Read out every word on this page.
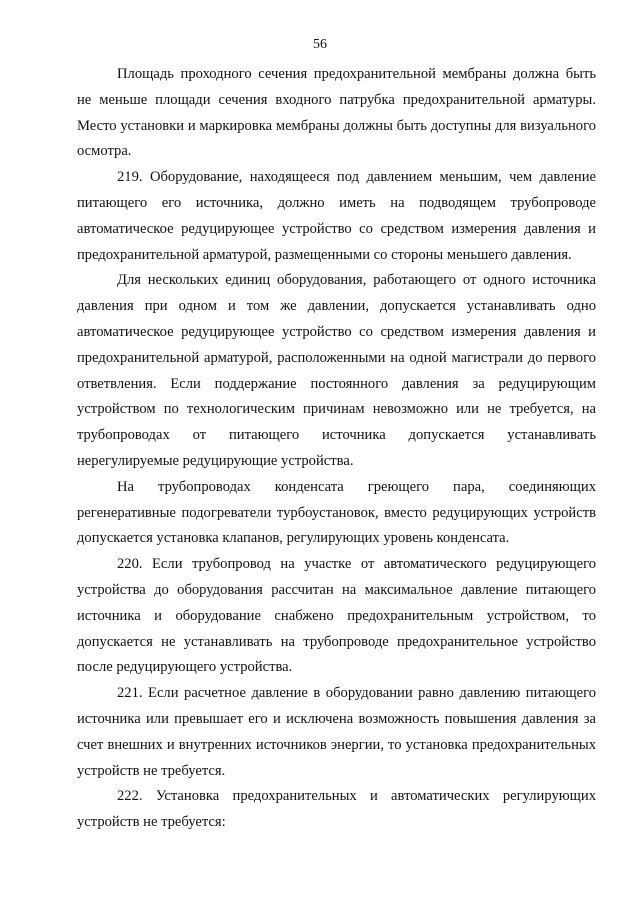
56

Площадь проходного сечения предохранительной мембраны должна быть не меньше площади сечения входного патрубка предохранительной арматуры. Место установки и маркировка мембраны должны быть доступны для визуального осмотра.

219. Оборудование, находящееся под давлением меньшим, чем давление питающего его источника, должно иметь на подводящем трубопроводе автоматическое редуцирующее устройство со средством измерения давления и предохранительной арматурой, размещенными со стороны меньшего давления.

Для нескольких единиц оборудования, работающего от одного источника давления при одном и том же давлении, допускается устанавливать одно автоматическое редуцирующее устройство со средством измерения давления и предохранительной арматурой, расположенными на одной магистрали до первого ответвления. Если поддержание постоянного давления за редуцирующим устройством по технологическим причинам невозможно или не требуется, на трубопроводах от питающего источника допускается устанавливать нерегулируемые редуцирующие устройства.

На трубопроводах конденсата греющего пара, соединяющих регенеративные подогреватели турбоустановок, вместо редуцирующих устройств допускается установка клапанов, регулирующих уровень конденсата.

220. Если трубопровод на участке от автоматического редуцирующего устройства до оборудования рассчитан на максимальное давление питающего источника и оборудование снабжено предохранительным устройством, то допускается не устанавливать на трубопроводе предохранительное устройство после редуцирующего устройства.

221. Если расчетное давление в оборудовании равно давлению питающего источника или превышает его и исключена возможность повышения давления за счет внешних и внутренних источников энергии, то установка предохранительных устройств не требуется.

222. Установка предохранительных и автоматических регулирующих устройств не требуется:
